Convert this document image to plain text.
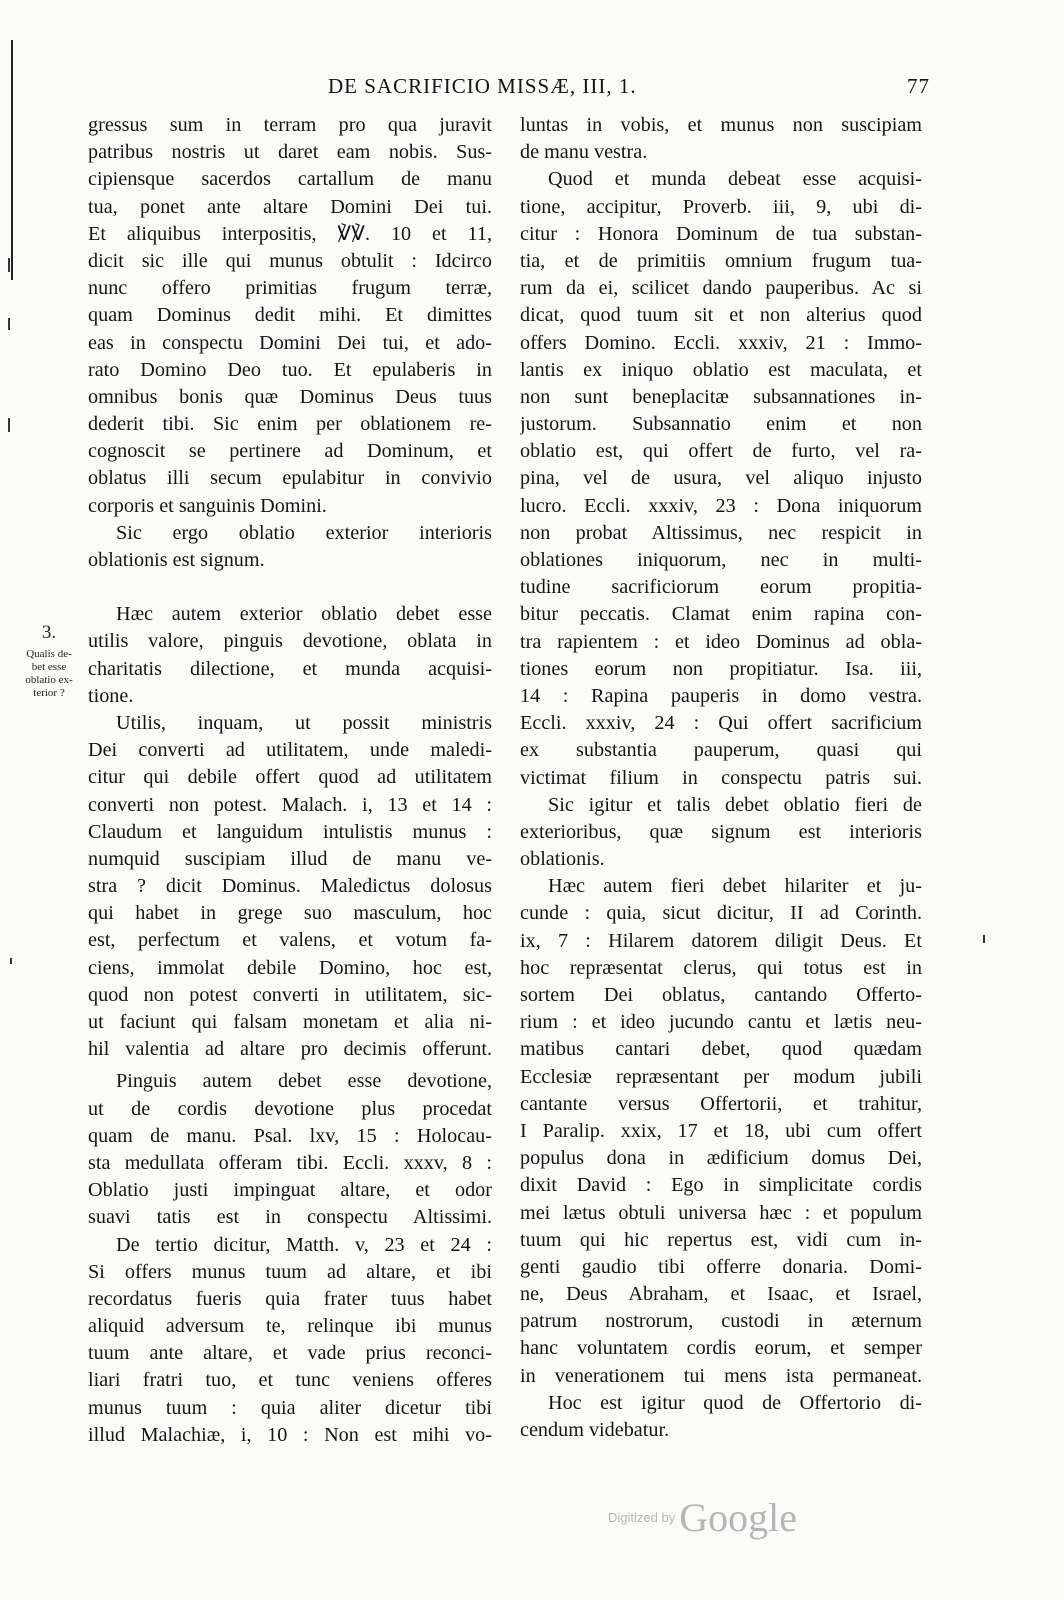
DE SACRIFICIO MISSÆ, III, 1.	77
3.
Qualis de-
bet esse
oblatio ex-
terior ?
gressus sum in terram pro qua juravit
patribus nostris ut daret eam nobis. Sus-
cipiensque sacerdos cartallum de manu
tua, ponet ante altare Domini Dei tui.
Et aliquibus interpositis, ℣℣. 10 et 11,
dicit sic ille qui munus obtulit : Idcirco
nunc offero primitias frugum terræ,
quam Dominus dedit mihi. Et dimittes
eas in conspectu Domini Dei tui, et ado-
rato Domino Deo tuo. Et epulaberis in
omnibus bonis quæ Dominus Deus tuus
dederit tibi. Sic enim per oblationem re-
cognoscit se pertinere ad Dominum, et
oblatus illi secum epulabitur in convivio
corporis et sanguinis Domini.
Sic ergo oblatio exterior interioris
oblationis est signum.
Hæc autem exterior oblatio debet esse
utilis valore, pinguis devotione, oblata in
charitatis dilectione, et munda acquisi-
tione.
Utilis, inquam, ut possit ministris
Dei converti ad utilitatem, unde maledi-
citur qui debile offert quod ad utilitatem
converti non potest. Malach. i, 13 et 14 :
Claudum et languidum intulistis munus :
numquid suscipiam illud de manu ve-
stra ? dicit Dominus. Maledictus dolosus
qui habet in grege suo masculum, hoc
est, perfectum et valens, et votum fa-
ciens, immolat debile Domino, hoc est,
quod non potest converti in utilitatem, sic-
ut faciunt qui falsam monetam et alia ni-
hil valentia ad altare pro decimis offerunt.
Pinguis autem debet esse devotione,
ut de cordis devotione plus procedat
quam de manu. Psal. lxv, 15 : Holocau-
sta medullata offeram tibi. Eccli. xxxv, 8 :
Oblatio justi impinguat altare, et odor
suavi tatis est in conspectu Altissimi.
De tertio dicitur, Matth. v, 23 et 24 :
Si offers munus tuum ad altare, et ibi
recordatus fueris quia frater tuus habet
aliquid adversum te, relinque ibi munus
tuum ante altare, et vade prius reconci-
liari fratri tuo, et tunc veniens offeres
munus tuum : quia aliter dicetur tibi
illud Malachiæ, i, 10 : Non est mihi vo-
luntas in vobis, et munus non suscipiam
de manu vestra.
Quod et munda debeat esse acquisi-
tione, accipitur, Proverb. iii, 9, ubi di-
citur : Honora Dominum de tua substan-
tia, et de primitiis omnium frugum tua-
rum da ei, scilicet dando pauperibus. Ac si
dicat, quod tuum sit et non alterius quod
offers Domino. Eccli. xxxiv, 21 : Immo-
lantis ex iniquo oblatio est maculata, et
non sunt beneplacitæ subsannationes in-
justorum. Subsannatio enim et non
oblatio est, qui offert de furto, vel ra-
pina, vel de usura, vel aliquo injusto
lucro. Eccli. xxxiv, 23 : Dona iniquorum
non probat Altissimus, nec respicit in
oblationes iniquorum, nec in multi-
tudine sacrificiorum eorum propitia-
bitur peccatis. Clamat enim rapina con-
tra rapientem : et ideo Dominus ad obla-
tiones eorum non propitiatur. Isa. iii,
14 : Rapina pauperis in domo vestra.
Eccli. xxxiv, 24 : Qui offert sacrificium
ex substantia pauperum, quasi qui
victimat filium in conspectu patris sui.
Sic igitur et talis debet oblatio fieri de
exterioribus, quæ signum est interioris
oblationis.
Hæc autem fieri debet hilariter et ju-
cunde : quia, sicut dicitur, II ad Corinth.
ix, 7 : Hilarem datorem diligit Deus. Et
hoc repræsentat clerus, qui totus est in
sortem Dei oblatus, cantando Offerto-
rium : et ideo jucundo cantu et lætis neu-
matibus cantari debet, quod quædam
Ecclesiæ repræsentant per modum jubili
cantante versus Offertorii, et trahitur,
I Paralip. xxix, 17 et 18, ubi cum offert
populus dona in ædificium domus Dei,
dixit David : Ego in simplicitate cordis
mei lætus obtuli universa hæc : et populum
tuum qui hic repertus est, vidi cum in-
genti gaudio tibi offerre donaria. Domi-
ne, Deus Abraham, et Isaac, et Israel,
patrum nostrorum, custodi in æternum
hanc voluntatem cordis eorum, et semper
in venerationem tui mens ista permaneat.
Hoc est igitur quod de Offertorio di-
cendum videbatur.
Digitized by Google
